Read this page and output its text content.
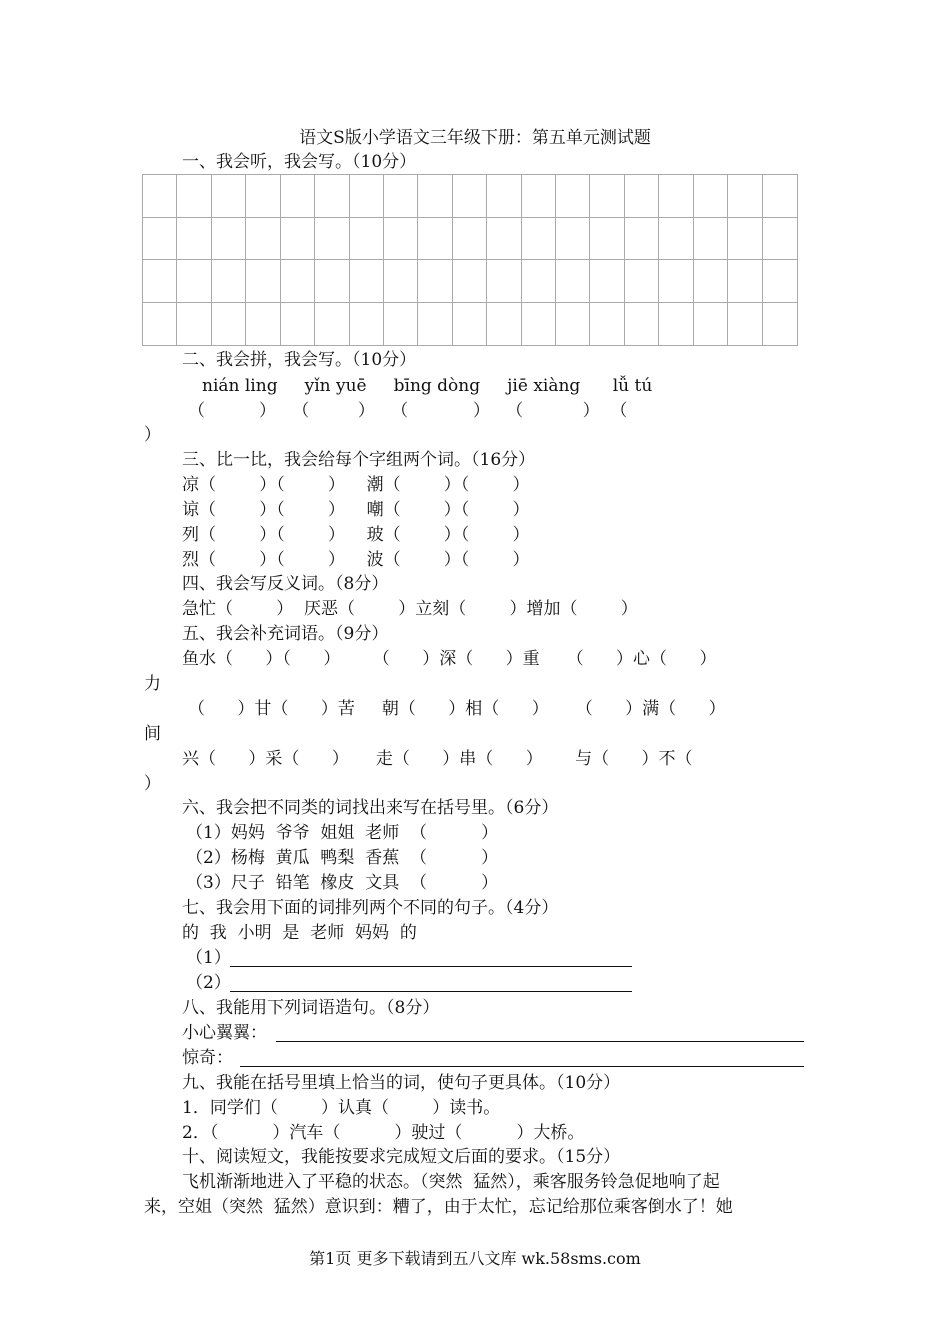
语文S版小学语文三年级下册：第五单元测试题
一、我会听，我会写。（10分）
二、我会拼，我会写。（10分）
nián ling     yǐn yuē     bīng dòng     jiē xiàng      lǚ tú
（          ）   （         ）   （            ）   （           ）  （
）
三、比一比，我会给每个字组两个词。（16分）
凉（        ）（        ）    潮（        ）（        ）
谅（        ）（        ）    嘲（        ）（        ）
列（        ）（        ）    玻（        ）（        ）
烈（        ）（        ）    波（        ）（        ）
四、我会写反义词。（8分）
急忙（        ）  厌恶（        ）立刻（        ）增加（        ）
五、我会补充词语。（9分）
鱼水（      ）（      ）      （      ）深（      ）重     （      ）心（      ）
力
（      ）甘（      ）苦     朝（      ）相（      ）     （      ）满（      ）
间
兴（      ）采（      ）     走（      ）串（      ）      与（      ）不（
）
六、我会把不同类的词找出来写在括号里。（6分）
（1）妈妈  爷爷  姐姐  老师  （          ）
（2）杨梅  黄瓜  鸭梨  香蕉  （          ）
（3）尺子  铅笔  橡皮  文具  （          ）
七、我会用下面的词排列两个不同的句子。（4分）
的  我  小明  是  老师  妈妈  的
（1）
（2）
八、我能用下列词语造句。（8分）
小心翼翼：
惊奇：
九、我能在括号里填上恰当的词，使句子更具体。（10分）
1．同学们（        ）认真（        ）读书。
2．（          ）汽车（          ）驶过（          ）大桥。
十、阅读短文，我能按要求完成短文后面的要求。（15分）
飞机渐渐地进入了平稳的状态。（突然  猛然），乘客服务铃急促地响了起
来，空姐（突然  猛然）意识到：糟了，由于太忙，忘记给那位乘客倒水了！她
第1页 更多下载请到五八文库 wk.58sms.com
